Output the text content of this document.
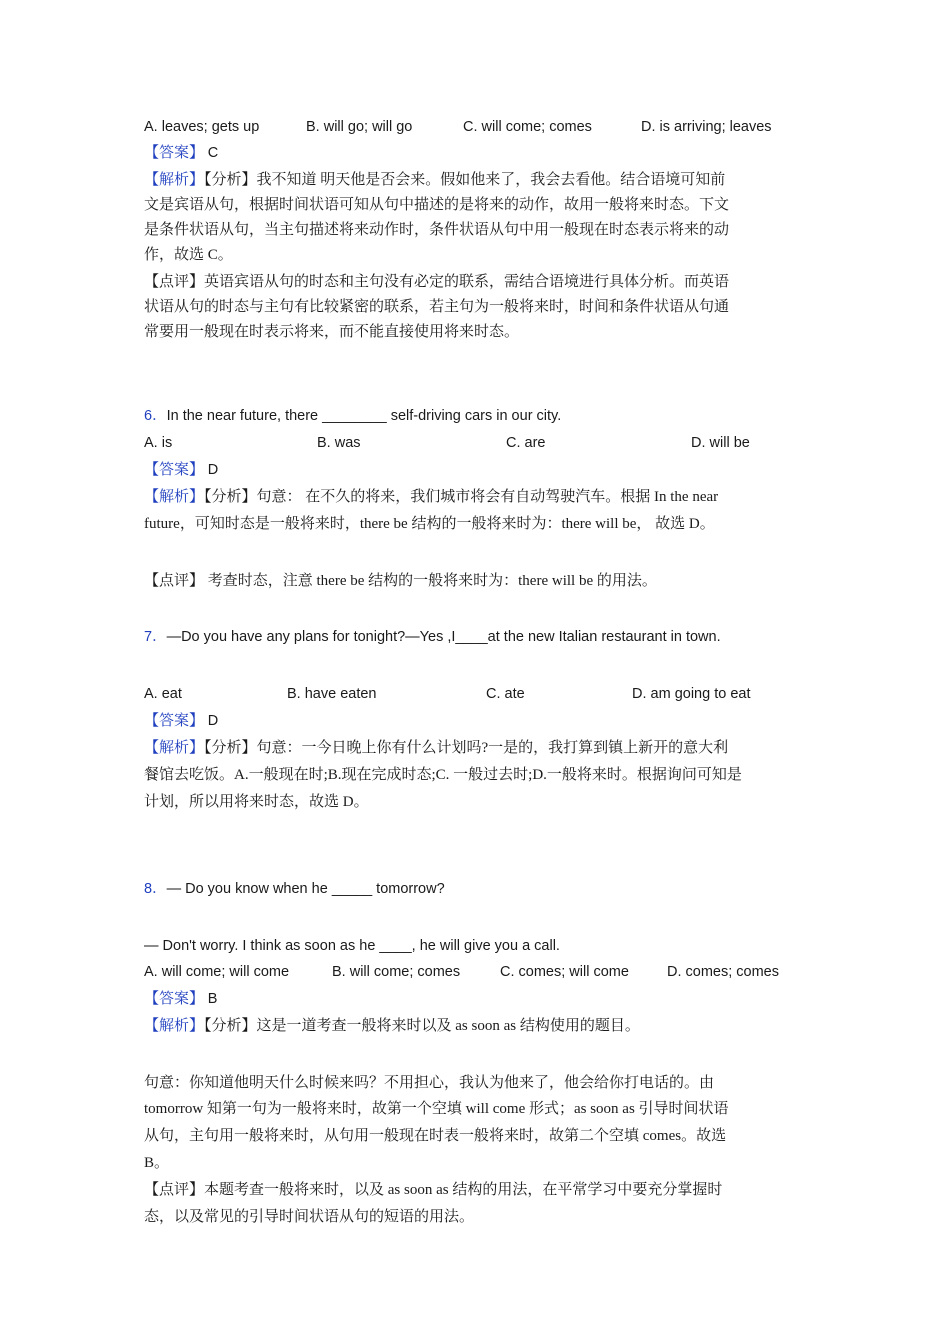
A. leaves; gets up	B. will go; will go	C. will come; comes	D. is arriving; leaves
【答案】 C
【解析】【分析】我不知道 明天他是否会来。假如他来了，我会去看他。结合语境可知前
文是宾语从句，根据时间状语可知从句中描述的是将来的动作，故用一般将来时态。下文
是条件状语从句，当主句描述将来动作时，条件状语从句中用一般现在时态表示将来的动
作，故选 C。
【点评】英语宾语从句的时态和主句没有必定的联系，需结合语境进行具体分析。而英语
状语从句的时态与主句有比较紧密的联系，若主句为一般将来时，时间和条件状语从句通
常要用一般现在时表示将来，而不能直接使用将来时态。
6．In the near future, there ________ self-driving cars in our city.
A. is	B. was	C. are	D. will be
【答案】 D
【解析】【分析】句意： 在不久的将来，我们城市将会有自动驾驶汽车。根据 In the near
future，可知时态是一般将来时，there be 结构的一般将来时为：there will be， 故选 D。
【点评】 考查时态，注意 there be 结构的一般将来时为：there will be 的用法。
7．—Do you have any plans for tonight?—Yes ,I____at the new Italian restaurant in town.
A. eat	B. have eaten	C. ate	D. am going to eat
【答案】 D
【解析】【分析】句意：一今日晚上你有什么计划吗?一是的，我打算到镇上新开的意大利
餐馆去吃饭。A.一般现在时;B.现在完成时态;C. 一般过去时;D.一般将来时。根据询问可知是
计划，所以用将来时态，故选 D。
8．— Do you know when he _____ tomorrow?
— Don't worry. I think as soon as he ____, he will give you a call.
A. will come; will come	B. will come; comes	C. comes; will come	D. comes; comes
【答案】 B
【解析】【分析】这是一道考查一般将来时以及 as soon as 结构使用的题目。
句意：你知道他明天什么时候来吗？不用担心，我认为他来了，他会给你打电话的。由
tomorrow 知第一句为一般将来时，故第一个空填 will come 形式；as soon as 引导时间状语
从句，主句用一般将来时，从句用一般现在时表一般将来时，故第二个空填 comes。故选
B。
【点评】本题考查一般将来时，以及 as soon as 结构的用法，在平常学习中要充分掌握时
态，以及常见的引导时间状语从句的短语的用法。
